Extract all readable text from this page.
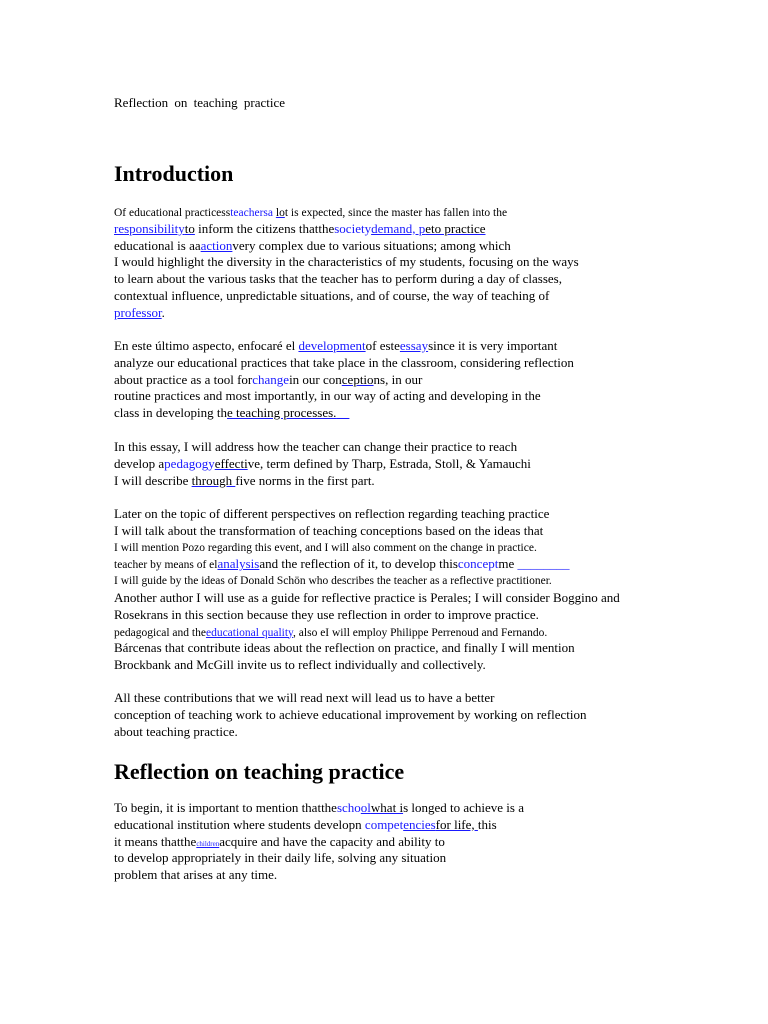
Reflection on teaching practice
Introduction
Of educational practicessteachersa lot is expected, since the master has fallen into the
responsibilityto inform the citizens thatthesocietydemand, peto practice
educational is aaactionvery complex due to various situations; among which
I would highlight the diversity in the characteristics of my students, focusing on the ways
to learn about the various tasks that the teacher has to perform during a day of classes,
contextual influence, unpredictable situations, and of course, the way of teaching of
professor.
En este último aspecto, enfocaré el developmentof esteessaysince it is very important
analyze our educational practices that take place in the classroom, considering reflection
about practice as a tool forchangein our conceptions, in our
routine practices and most importantly, in our way of acting and developing in the
class in developing the teaching processes.
In this essay, I will address how the teacher can change their practice to reach
develop apedagogyeffective, term defined by Tharp, Estrada, Stoll, & Yamauchi
I will describe through five norms in the first part.
Later on the topic of different perspectives on reflection regarding teaching practice
I will talk about the transformation of teaching conceptions based on the ideas that
I will mention Pozo regarding this event, and I will also comment on the change in practice.
teacher by means of elanalysisand the reflection of it, to develop thisconceptme ________
I will guide by the ideas of Donald Schön who describes the teacher as a reflective practitioner.
Another author I will use as a guide for reflective practice is Perales; I will consider Boggino and
Rosekrans in this section because they use reflection in order to improve practice.
pedagogical and theeducational quality, also eI will employ Philippe Perrenoud and Fernando.
Bárcenas that contribute ideas about the reflection on practice, and finally I will mention
Brockbank and McGill invite us to reflect individually and collectively.
All these contributions that we will read next will lead us to have a better
conception of teaching work to achieve educational improvement by working on reflection
about teaching practice.
Reflection on teaching practice
To begin, it is important to mention thattheschoolwhat is longed to achieve is a
educational institution where students developn competenciesfor life, this
it means thatthechildrenacquire and have the capacity and ability to
to develop appropriately in their daily life, solving any situation
problem that arises at any time.
